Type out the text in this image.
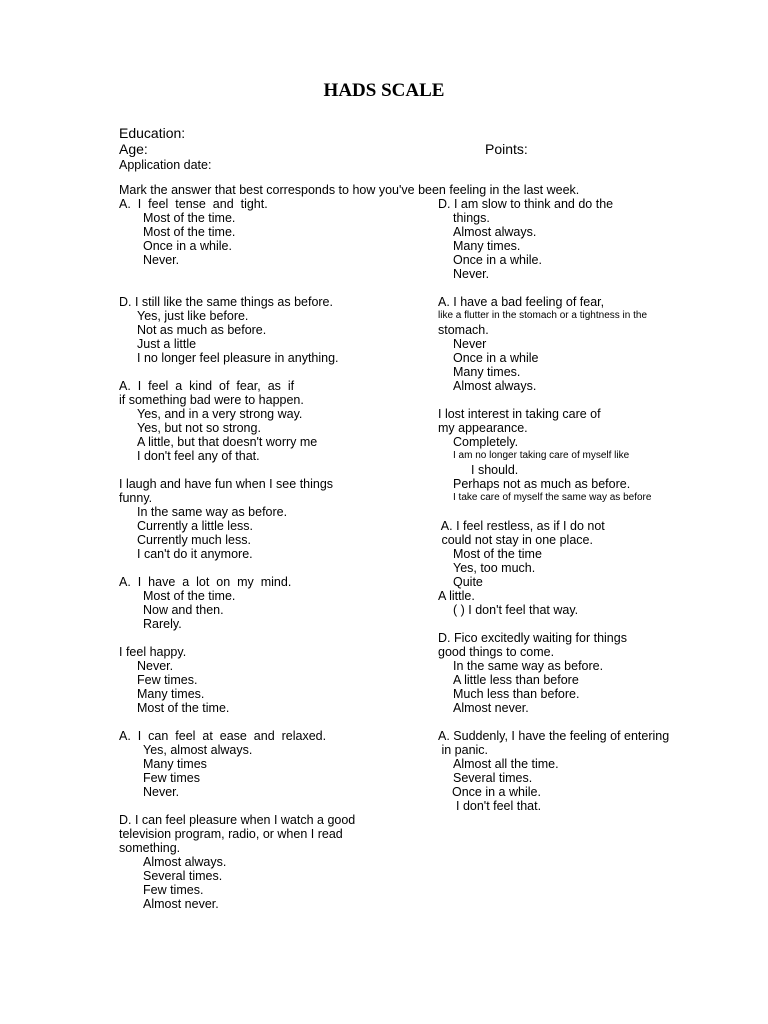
HADS SCALE
Education:
Age:	Points:
Application date:
Mark the answer that best corresponds to how you've been feeling in the last week.
A.  I  feel  tense  and  tight.
Most of the time.
Most of the time.
Once in a while.
Never.
D. I still like the same things as before.
Yes, just like before.
Not as much as before.
Just a little
I no longer feel pleasure in anything.
A.  I  feel  a  kind  of  fear,  as  if
if something bad were to happen.
Yes, and in a very strong way.
Yes, but not so strong.
A little, but that doesn't worry me
I don't feel any of that.
I laugh and have fun when I see things
funny.
In the same way as before.
Currently a little less.
Currently much less.
I can't do it anymore.
A.  I  have  a  lot  on  my  mind.
Most of the time.
Now and then.
Rarely.
I feel happy.
Never.
Few times.
Many times.
Most of the time.
A.  I  can  feel  at  ease  and  relaxed.
Yes, almost always.
Many times
Few times
Never.
D. I can feel pleasure when I watch a good
television program, radio, or when I read
something.
Almost always.
Several times.
Few times.
Almost never.
D. I am slow to think and do the
things.
Almost always.
Many times.
Once in a while.
Never.
A. I have a bad feeling of fear,
like a flutter in the stomach or a tightness in the
stomach.
Never
Once in a while
Many times.
Almost always.
I lost interest in taking care of
my appearance.
Completely.
I am no longer taking care of myself like
I should.
Perhaps not as much as before.
I take care of myself the same way as before
A. I feel restless, as if I do not
could not stay in one place.
Most of the time
Yes, too much.
Quite
A little.
( ) I don't feel that way.
D. Fico excitedly waiting for things
good things to come.
In the same way as before.
A little less than before
Much less than before.
Almost never.
A. Suddenly, I have the feeling of entering
in panic.
Almost all the time.
Several times.
Once in a while.
I don't feel that.
